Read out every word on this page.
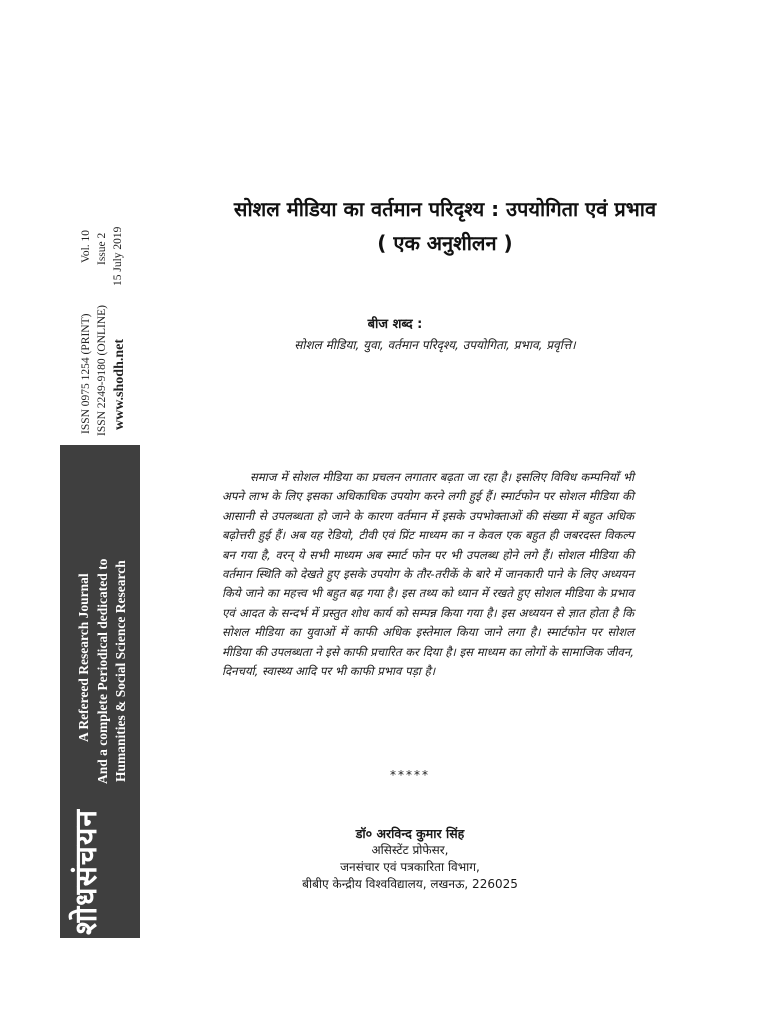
शोधसंचयन
A Refereed Research Journal And a complete Periodical dedicated to Humanities & Social Science Research
ISSN 0975 1254 (PRINT) ISSN 2249-9180 (ONLINE) www.shodh.net
Vol. 10 Issue 2 15 July 2019
सोशल मीडिया का वर्तमान परिदृश्य : उपयोगिता एवं प्रभाव
( एक अनुशीलन )
बीज शब्द :
सोशल मीडिया, युवा, वर्तमान परिदृश्य, उपयोगिता, प्रभाव, प्रवृत्ति।

समाज में सोशल मीडिया का प्रचलन लगातार बढ़ता जा रहा है। इसलिए विविध कम्पनियाँ भी अपने लाभ के लिए इसका अधिकाधिक उपयोग करने लगी हुई हैं। स्मार्टफोन पर सोशल मीडिया की आसानी से उपलब्धता हो जाने के कारण वर्तमान में इसके उपभोक्ताओं की संख्या में बहुत अधिक बढ़ोत्तरी हुई हैं। अब यह रेडियो, टीवी एवं प्रिंट माध्यम का न केवल एक बहुत ही जबरदस्त विकल्प बन गया है, वरन् ये सभी माध्यम अब स्मार्ट फोन पर भी उपलब्ध होने लगे हैं। सोशल मीडिया की वर्तमान स्थिति को देखते हुए इसके उपयोग के तौर-तरीकें के बारे में जानकारी पाने के लिए अध्ययन किये जाने का महत्त्व भी बहुत बढ़ गया है। इस तथ्य को ध्यान में रखते हुए सोशल मीडिया के प्रभाव एवं आदत के सन्दर्भ में प्रस्तुत शोध कार्य को सम्पन्न किया गया है। इस अध्ययन से ज्ञात होता है कि सोशल मीडिया का युवाओं में काफी अधिक इस्तेमाल किया जाने लगा है। स्मार्टफोन पर सोशल मीडिया की उपलब्धता ने इसे काफी प्रचारित कर दिया है। इस माध्यम का लोगों के सामाजिक जीवन, दिनचर्या, स्वास्थ्य आदि पर भी काफी प्रभाव पड़ा है।

*****
डॉ० अरविन्द कुमार सिंह
असिस्टेंट प्रोफेसर,
जनसंचार एवं पत्रकारिता विभाग,
बीबीए केन्द्रीय विश्वविद्यालय, लखनऊ, 226025
